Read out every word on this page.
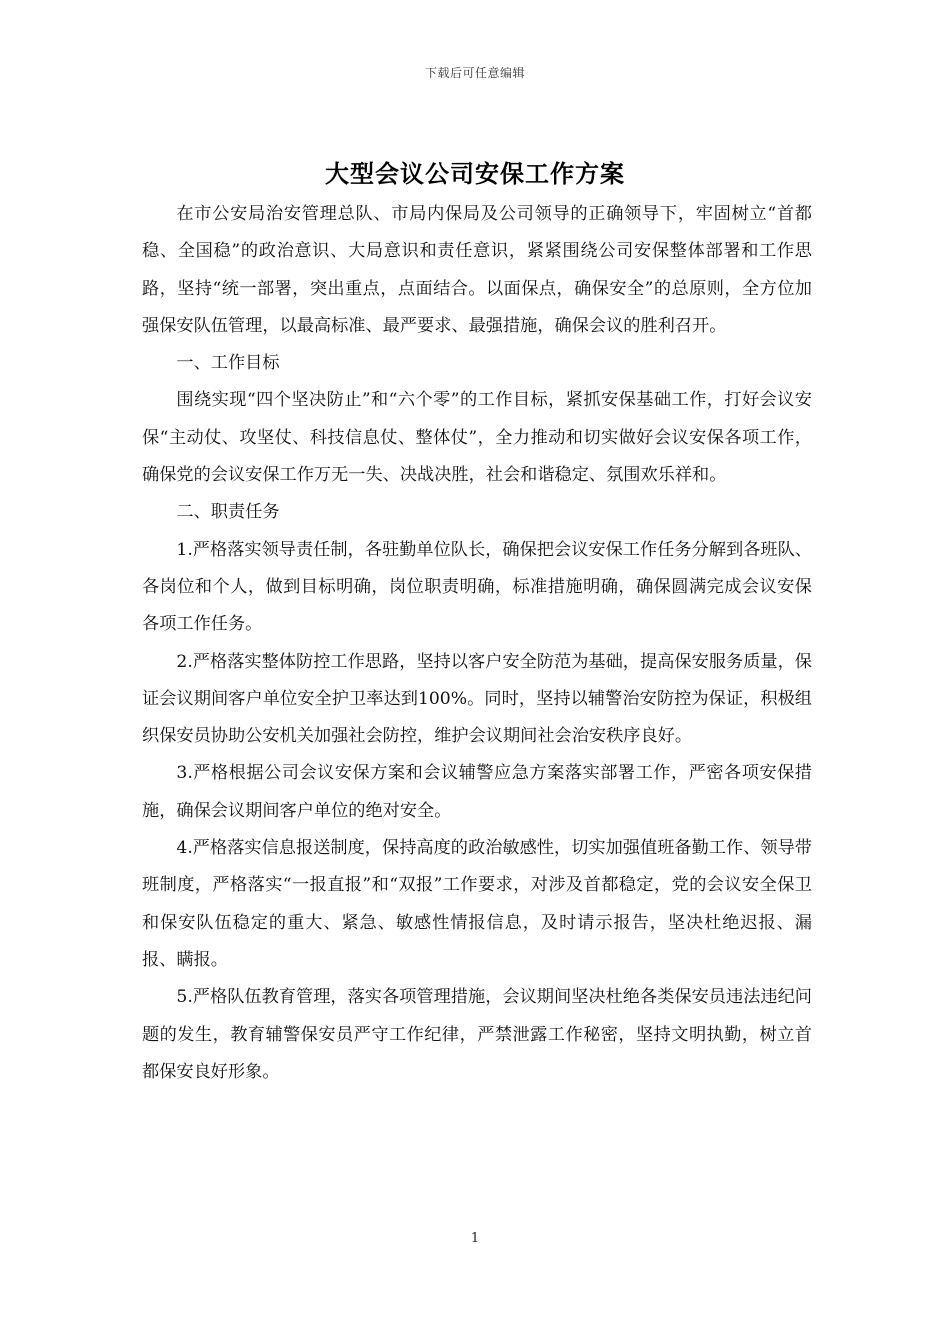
下载后可任意编辑
大型会议公司安保工作方案

在市公安局治安管理总队、市局内保局及公司领导的正确领导下，牢固树立“首都稳、全国稳”的政治意识、大局意识和责任意识，紧紧围绕公司安保整体部署和工作思路，坚持“统一部署，突出重点，点面结合。以面保点，确保安全”的总原则，全方位加强保安队伍管理，以最高标准、最严要求、最强措施，确保会议的胜利召开。

一、工作目标

围绕实现“四个坚决防止”和“六个零”的工作目标，紧抓安保基础工作，打好会议安保“主动仗、攻坚仗、科技信息仗、整体仗”，全力推动和切实做好会议安保各项工作，确保党的会议安保工作万无一失、决战决胜，社会和谐稳定、氛围欢乐祥和。

二、职责任务

1.严格落实领导责任制，各驻勤单位队长，确保把会议安保工作任务分解到各班队、各岗位和个人，做到目标明确，岗位职责明确，标准措施明确，确保圆满完成会议安保各项工作任务。

2.严格落实整体防控工作思路，坚持以客户安全防范为基础，提高保安服务质量，保证会议期间客户单位安全护卫率达到100%。同时，坚持以辅警治安防控为保证，积极组织保安员协助公安机关加强社会防控，维护会议期间社会治安秩序良好。

3.严格根据公司会议安保方案和会议辅警应急方案落实部署工作，严密各项安保措施，确保会议期间客户单位的绝对安全。

4.严格落实信息报送制度，保持高度的政治敏感性，切实加强值班备勤工作、领导带班制度，严格落实“一报直报”和“双报”工作要求，对涉及首都稳定，党的会议安全保卫和保安队伍稳定的重大、紧急、敏感性情报信息，及时请示报告，坚决杜绝迟报、漏报、瞒报。

5.严格队伍教育管理，落实各项管理措施，会议期间坚决杜绝各类保安员违法违纪问题的发生，教育辅警保安员严守工作纪律，严禁泄露工作秘密，坚持文明执勤，树立首都保安良好形象。

1
